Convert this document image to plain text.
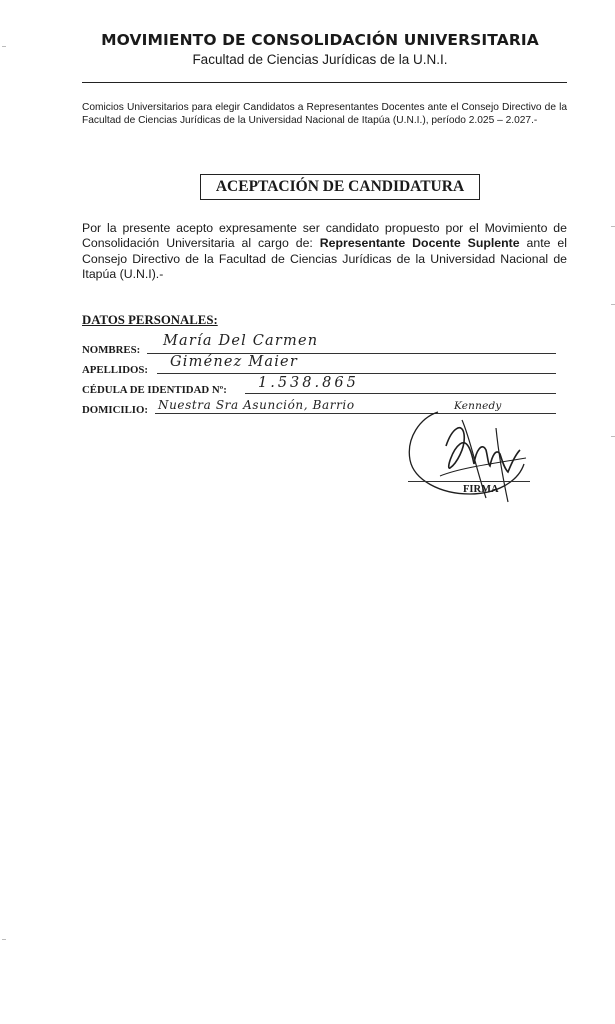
MOVIMIENTO DE CONSOLIDACIÓN UNIVERSITARIA
Facultad de Ciencias Jurídicas de la U.N.I.
Comicios Universitarios para elegir Candidatos a Representantes Docentes ante el Consejo Directivo de la Facultad de Ciencias Jurídicas de la Universidad Nacional de Itapúa (U.N.I.), período 2.025 – 2.027.-
ACEPTACIÓN DE CANDIDATURA
Por la presente acepto expresamente ser candidato propuesto por el Movimiento de Consolidación Universitaria al cargo de: Representante Docente Suplente ante el Consejo Directivo de la Facultad de Ciencias Jurídicas de la Universidad Nacional de Itapúa (U.N.I).-
DATOS PERSONALES:
NOMBRES:
María Del Carmen
APELLIDOS: Giménez Maier
CÉDULA DE IDENTIDAD Nº: 1.538.865
DOMICILIO: Nuestra Sra Asunción, Barrio	Kennedy
FIRMA
